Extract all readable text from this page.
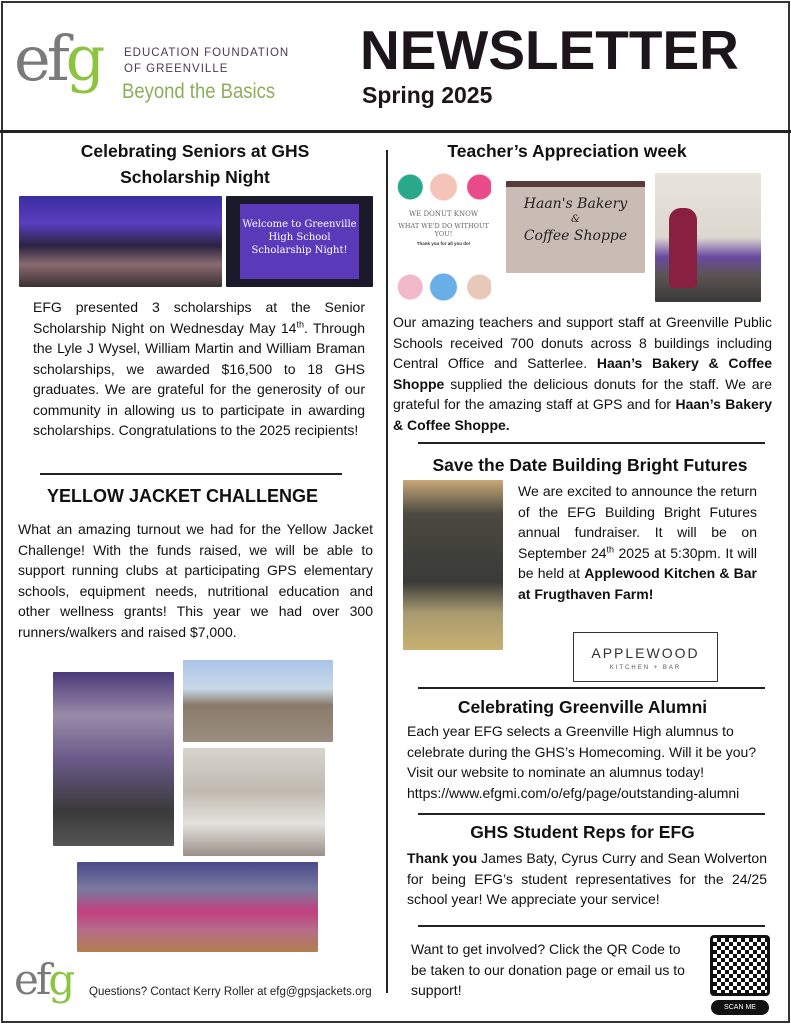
efg EDUCATION FOUNDATION
OF GREENVILLE
Beyond the Basics
NEWSLETTER
Spring 2025
Celebrating Seniors at GHS
Scholarship Night
Welcome to Greenville High School Scholarship Night!
EFG presented 3 scholarships at the Senior Scholarship Night on Wednesday May 14th. Through the Lyle J Wysel, William Martin and William Braman scholarships, we awarded $16,500 to 18 GHS graduates. We are grateful for the generosity of our community in allowing us to participate in awarding scholarships. Congratulations to the 2025 recipients!
YELLOW JACKET CHALLENGE
What an amazing turnout we had for the Yellow Jacket Challenge! With the funds raised, we will be able to support running clubs at participating GPS elementary schools, equipment needs, nutritional education and other wellness grants! This year we had over 300 runners/walkers and raised $7,000.
efg Questions? Contact Kerry Roller at efg@gpsjackets.org
Teacher’s Appreciation week
WE DONUT KNOW
WHAT WE'D DO WITHOUT YOU!
Thank you for all you do!
Haan's Bakery
&
Coffee Shoppe
Our amazing teachers and support staff at Greenville Public Schools received 700 donuts across 8 buildings including Central Office and Satterlee. Haan’s Bakery & Coffee Shoppe supplied the delicious donuts for the staff. We are grateful for the amazing staff at GPS and for Haan’s Bakery & Coffee Shoppe.
Save the Date Building Bright Futures
We are excited to announce the return of the EFG Building Bright Futures annual fundraiser. It will be on September 24th 2025 at 5:30pm. It will be held at Applewood Kitchen & Bar at Frugthaven Farm!
APPLEWOOD
KITCHEN + BAR
Celebrating Greenville Alumni
Each year EFG selects a Greenville High alumnus to celebrate during the GHS’s Homecoming. Will it be you? Visit our website to nominate an alumnus today!
https://www.efgmi.com/o/efg/page/outstanding-alumni
GHS Student Reps for EFG
Thank you James Baty, Cyrus Curry and Sean Wolverton for being EFG’s student representatives for the 24/25 school year! We appreciate your service!
Want to get involved? Click the QR Code to be taken to our donation page or email us to support!
SCAN ME
